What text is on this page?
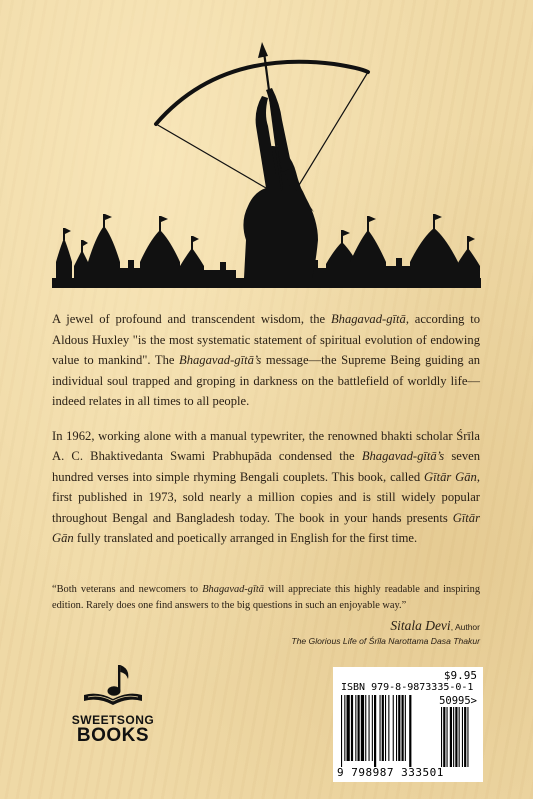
A jewel of profound and transcendent wisdom, the Bhagavad-gītā, according to Aldous Huxley "is the most systematic statement of spiritual evolution of endowing value to mankind". The Bhagavad-gītā’s message—the Supreme Being guiding an individual soul trapped and groping in darkness on the battlefield of worldly life—indeed relates in all times to all people.

In 1962, working alone with a manual typewriter, the renowned bhakti scholar Śrīla A. C. Bhaktivedanta Swami Prabhupāda condensed the Bhagavad-gītā’s seven hundred verses into simple rhyming Bengali couplets. This book, called Gītār Gān, first published in 1973, sold nearly a million copies and is still widely popular throughout Bengal and Bangladesh today. The book in your hands presents Gītār Gān fully translated and poetically arranged in English for the first time.

“Both veterans and newcomers to Bhagavad-gītā will appreciate this highly readable and inspiring edition. Rarely does one find answers to the big questions in such an enjoyable way.”
Sitala Devi, Author
The Glorious Life of Śrīla Narottama Dasa Thakur
SWEETSONG
BOOKS
$9.95
ISBN 979-8-9873335-0-1
50995>
9 798987 333501
